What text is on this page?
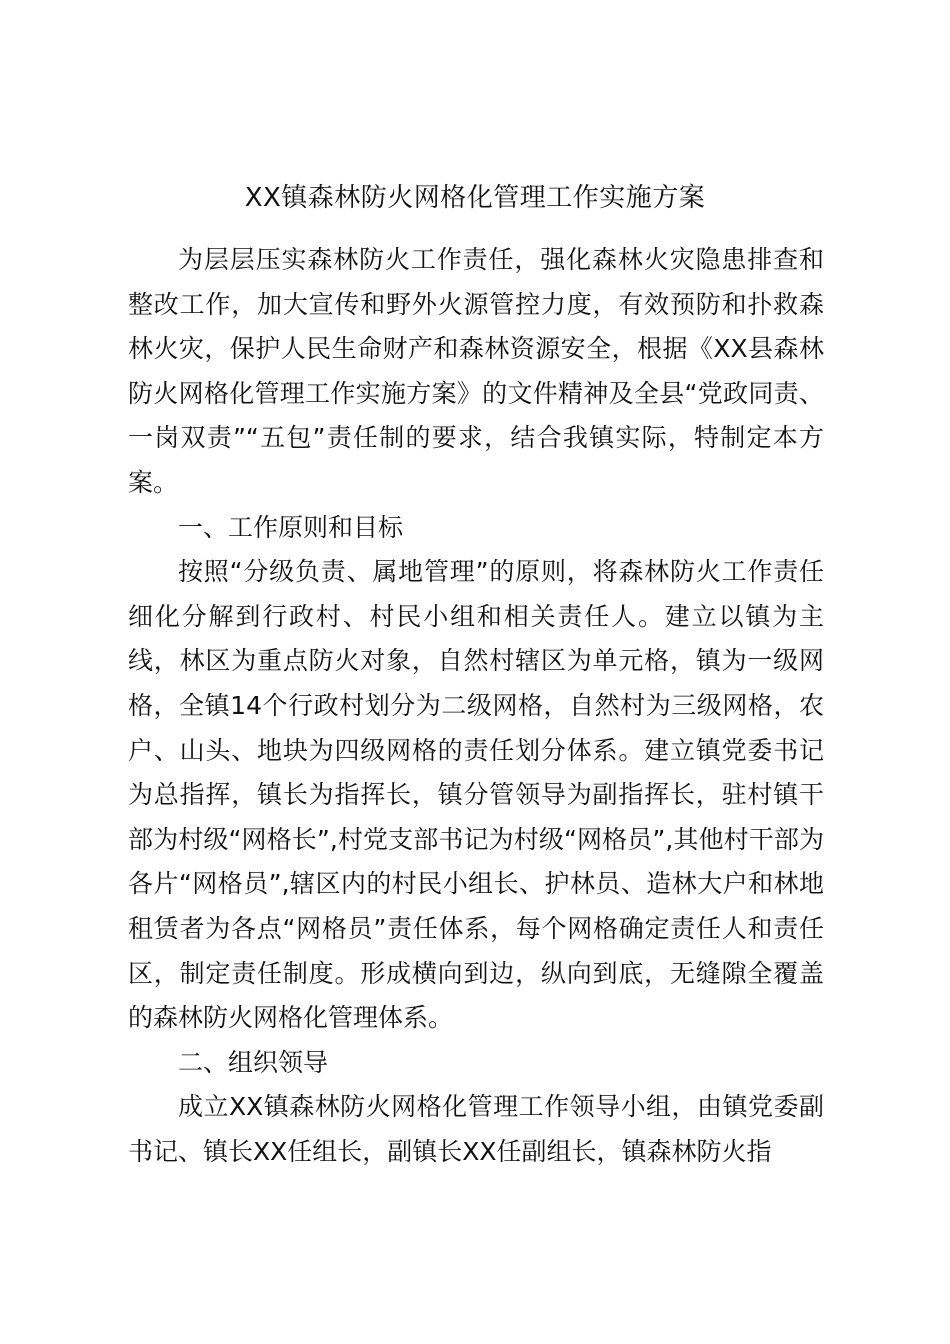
XX镇森林防火网格化管理工作实施方案

为层层压实森林防火工作责任，强化森林火灾隐患排查和整改工作，加大宣传和野外火源管控力度，有效预防和扑救森林火灾，保护人民生命财产和森林资源安全，根据《XX县森林防火网格化管理工作实施方案》的文件精神及全县“党政同责、一岗双责”“五包”责任制的要求，结合我镇实际，特制定本方案。

一、工作原则和目标

按照“分级负责、属地管理”的原则，将森林防火工作责任细化分解到行政村、村民小组和相关责任人。建立以镇为主线，林区为重点防火对象，自然村辖区为单元格，镇为一级网格，全镇14个行政村划分为二级网格，自然村为三级网格，农户、山头、地块为四级网格的责任划分体系。建立镇党委书记为总指挥，镇长为指挥长，镇分管领导为副指挥长，驻村镇干部为村级“网格长”,村党支部书记为村级“网格员”,其他村干部为各片“网格员”,辖区内的村民小组长、护林员、造林大户和林地租赁者为各点“网格员”责任体系，每个网格确定责任人和责任区，制定责任制度。形成横向到边，纵向到底，无缝隙全覆盖的森林防火网格化管理体系。

二、组织领导

成立XX镇森林防火网格化管理工作领导小组，由镇党委副书记、镇长XX任组长，副镇长XX任副组长，镇森林防火指
